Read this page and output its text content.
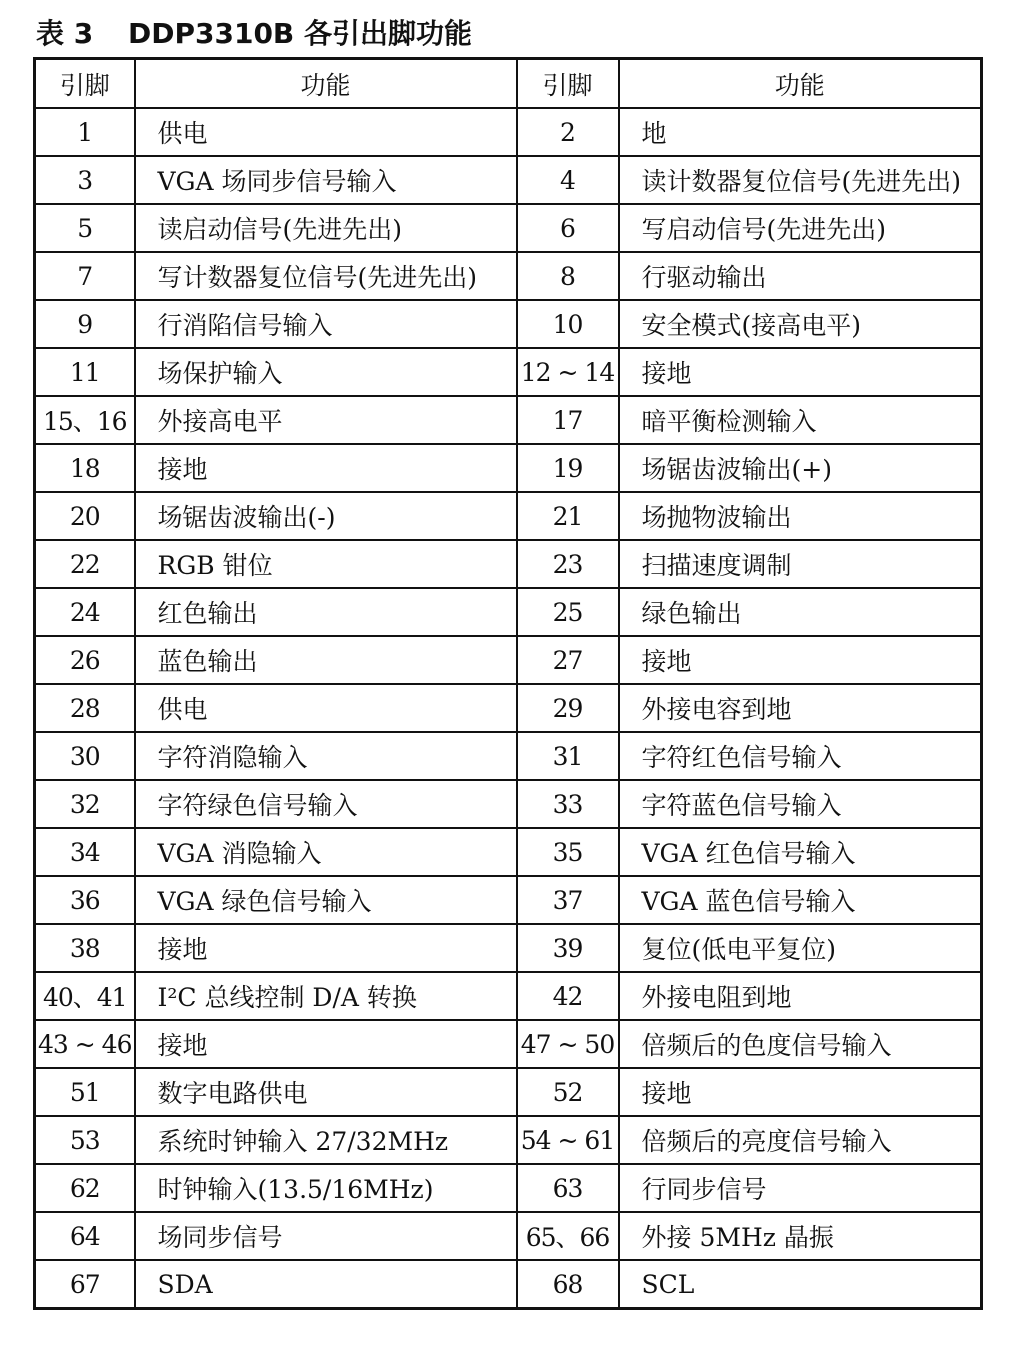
表 3 DDP3310B 各引出脚功能
引脚	功能	引脚	功能
1	供电	2	地
3	VGA 场同步信号输入	4	读计数器复位信号(先进先出)
5	读启动信号(先进先出)	6	写启动信号(先进先出)
7	写计数器复位信号(先进先出)	8	行驱动输出
9	行消陷信号输入	10	安全模式(接高电平)
11	场保护输入	12 ~ 14	接地
15、16	外接高电平	17	暗平衡检测输入
18	接地	19	场锯齿波输出(+)
20	场锯齿波输出(-)	21	场抛物波输出
22	RGB 钳位	23	扫描速度调制
24	红色输出	25	绿色输出
26	蓝色输出	27	接地
28	供电	29	外接电容到地
30	字符消隐输入	31	字符红色信号输入
32	字符绿色信号输入	33	字符蓝色信号输入
34	VGA 消隐输入	35	VGA 红色信号输入
36	VGA 绿色信号输入	37	VGA 蓝色信号输入
38	接地	39	复位(低电平复位)
40、41	I²C 总线控制 D/A 转换	42	外接电阻到地
43 ~ 46	接地	47 ~ 50	倍频后的色度信号输入
51	数字电路供电	52	接地
53	系统时钟输入 27/32MHz	54 ~ 61	倍频后的亮度信号输入
62	时钟输入(13.5/16MHz)	63	行同步信号
64	场同步信号	65、66	外接 5MHz 晶振
67	SDA	68	SCL
